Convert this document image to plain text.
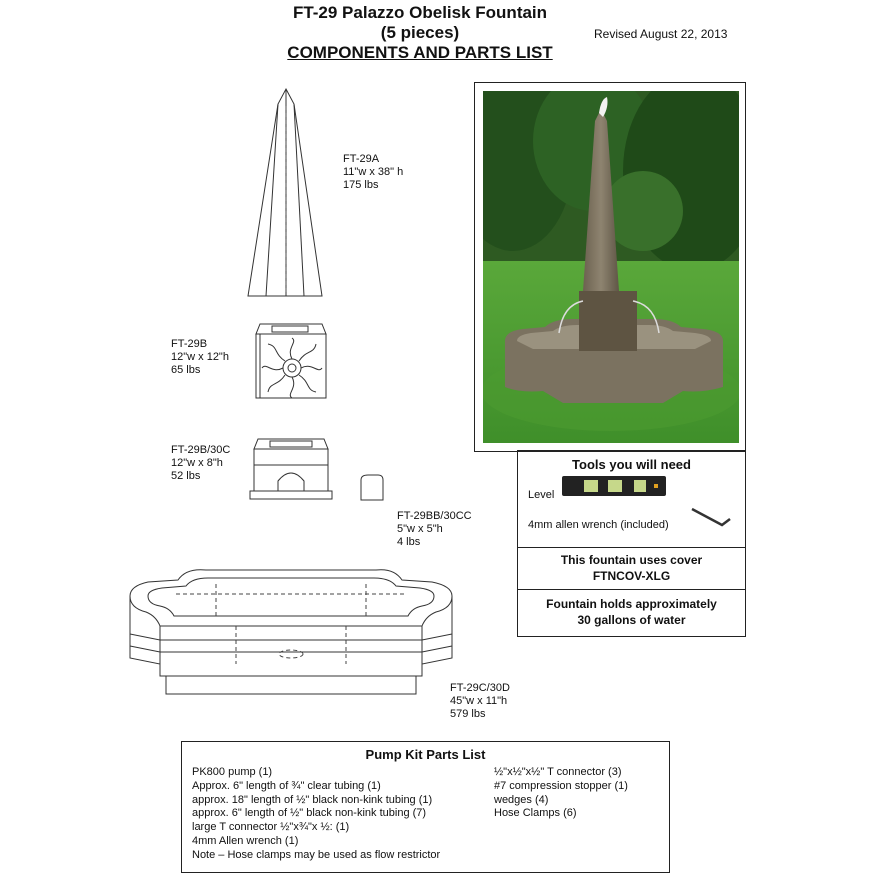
FT-29 Palazzo Obelisk Fountain
(5 pieces)
COMPONENTS AND PARTS LIST
Revised August 22, 2013
FT-29A
11"w x 38" h
175 lbs
FT-29B
12"w x 12"h
65 lbs
FT-29B/30C
12"w x 8"h
52 lbs
FT-29BB/30CC
5"w x 5"h
4 lbs
FT-29C/30D
45"w x 11"h
579 lbs
Tools you will need
Level
4mm allen wrench (included)
This fountain uses cover
FTNCOV-XLG
Fountain holds approximately
30 gallons of water
Pump Kit Parts List
PK800 pump (1)
Approx. 6" length of ¾" clear tubing (1)
approx. 18" length of ½" black non-kink tubing (1)
approx. 6" length of ½" black non-kink tubing (7)
large T connector ½"x¾"x ½: (1)
4mm Allen wrench (1)
Note – Hose clamps may be used as flow restrictor
½"x½"x½" T connector (3)
#7 compression stopper (1)
wedges (4)
Hose Clamps (6)
